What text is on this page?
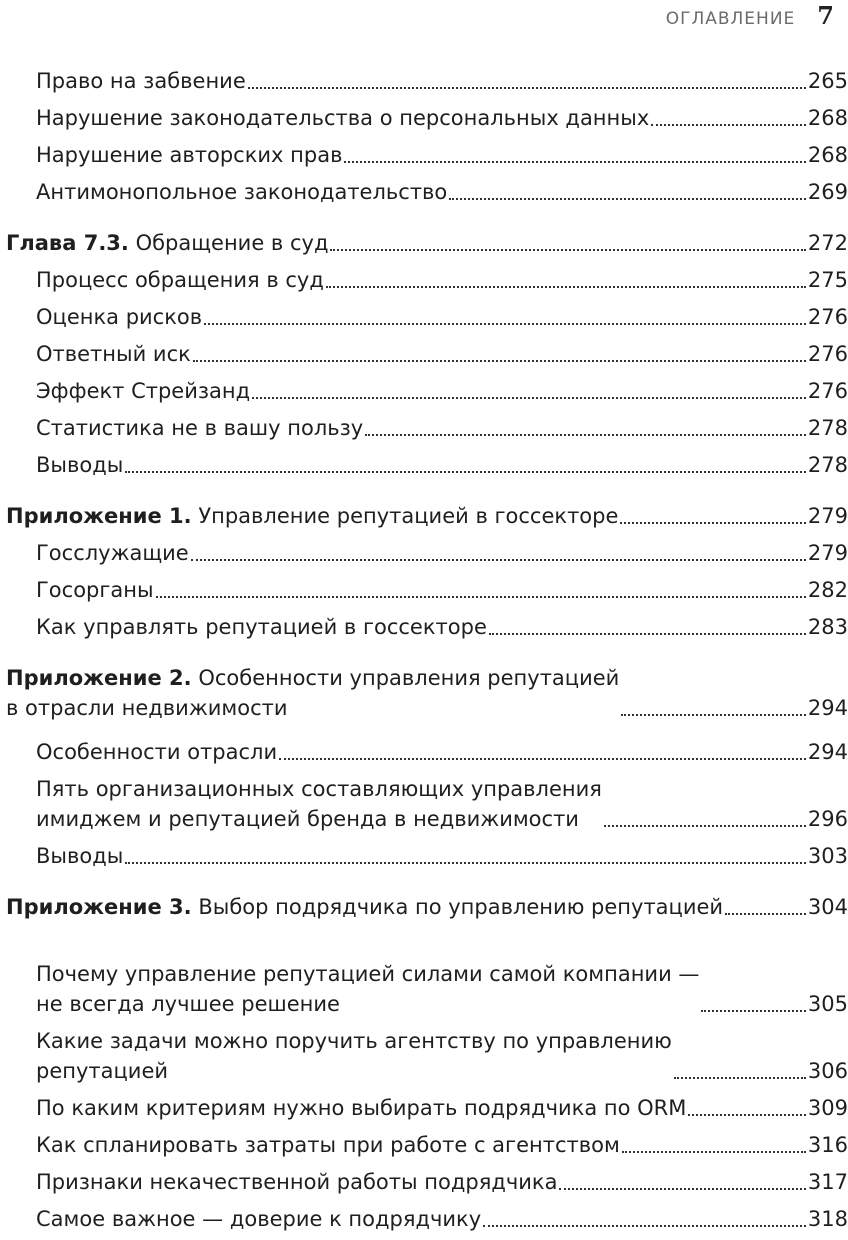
ОГЛАВЛЕНИЕ 7
Право на забвение	265
Нарушение законодательства о персональных данных	268
Нарушение авторских прав	268
Антимонопольное законодательство	269
Глава 7.3. Обращение в суд	272
Процесс обращения в суд	275
Оценка рисков	276
Ответный иск	276
Эффект Стрейзанд	276
Статистика не в вашу пользу	278
Выводы	278
Приложение 1. Управление репутацией в госсекторе	279
Госслужащие	279
Госорганы	282
Как управлять репутацией в госсекторе	283
Приложение 2. Особенности управления репутацией
в отрасли недвижимости	294
Особенности отрасли	294
Пять организационных составляющих управления
имиджем и репутацией бренда в недвижимости	296
Выводы	303
Приложение 3. Выбор подрядчика по управлению репутацией	304
Почему управление репутацией силами самой компании —
не всегда лучшее решение	305
Какие задачи можно поручить агентству по управлению
репутацией	306
По каким критериям нужно выбирать подрядчика по ORM	309
Как спланировать затраты при работе с агентством	316
Признаки некачественной работы подрядчика	317
Самое важное — доверие к подрядчику	318
